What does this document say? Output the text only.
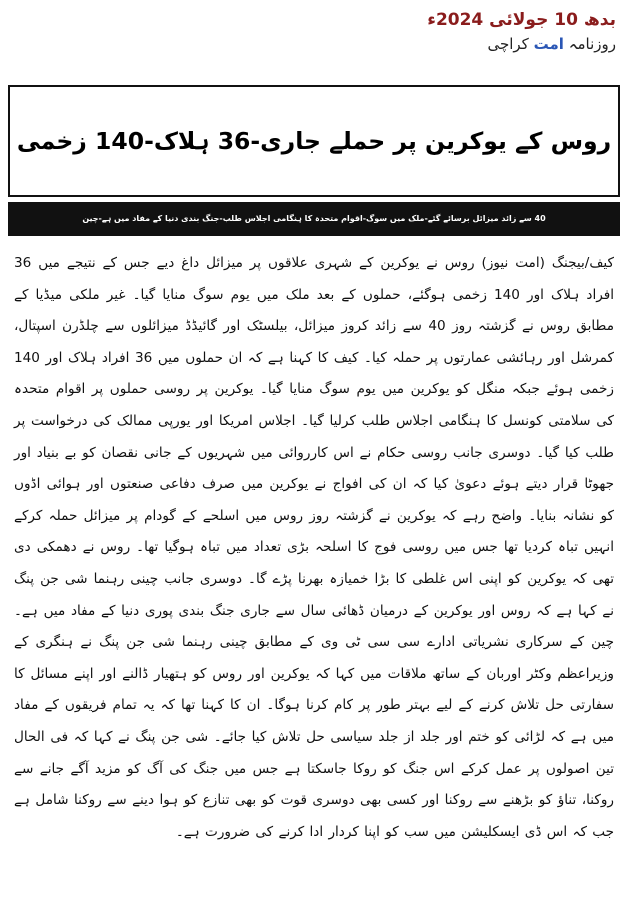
بدھ 10 جولائی 2024ء
روزنامہ امت کراچی
روس کے یوکرین پر حملے جاری-36 ہلاک-140 زخمی
40 سے زائد میزائل برسائے گئے-ملک میں سوگ-اقوام متحدہ کا ہنگامی اجلاس طلب-جنگ بندی دنیا کے مفاد میں ہے-چین
کیف/بیجنگ (امت نیوز) روس نے یوکرین کے شہری علاقوں پر میزائل داغ دیے جس کے نتیجے میں 36 افراد ہلاک اور 140 زخمی ہوگئے، حملوں کے بعد ملک میں یوم سوگ منایا گیا۔ غیر ملکی میڈیا کے مطابق روس نے گزشتہ روز 40 سے زائد کروز میزائل، بیلسٹک اور گائیڈڈ میزائلوں سے چلڈرن اسپتال، کمرشل اور رہائشی عمارتوں پر حملہ کیا۔ کیف کا کہنا ہے کہ ان حملوں میں 36 افراد ہلاک اور 140 زخمی ہوئے جبکہ منگل کو یوکرین میں یوم سوگ منایا گیا۔ یوکرین پر روسی حملوں پر اقوام متحدہ کی سلامتی کونسل کا ہنگامی اجلاس طلب کرلیا گیا۔ اجلاس امریکا اور یورپی ممالک کی درخواست پر طلب کیا گیا۔ دوسری جانب روسی حکام نے اس کارروائی میں شہریوں کے جانی نقصان کو بے بنیاد اور جھوٹا قرار دیتے ہوئے دعویٰ کیا کہ ان کی افواج نے یوکرین میں صرف دفاعی صنعتوں اور ہوائی اڈوں کو نشانہ بنایا۔ واضح رہے کہ یوکرین نے گزشتہ روز روس میں اسلحے کے گودام پر میزائل حملہ کرکے انہیں تباہ کردیا تھا جس میں روسی فوج کا اسلحہ بڑی تعداد میں تباہ ہوگیا تھا۔ روس نے دھمکی دی تھی کہ یوکرین کو اپنی اس غلطی کا بڑا خمیازہ بھرنا پڑے گا۔ دوسری جانب چینی رہنما شی جن پنگ نے کہا ہے کہ روس اور یوکرین کے درمیان ڈھائی سال سے جاری جنگ بندی پوری دنیا کے مفاد میں ہے۔ چین کے سرکاری نشریاتی ادارے سی سی ٹی وی کے مطابق چینی رہنما شی جن پنگ نے ہنگری کے وزیراعظم وکٹر اوربان کے ساتھ ملاقات میں کہا کہ یوکرین اور روس کو ہتھیار ڈالنے اور اپنے مسائل کا سفارتی حل تلاش کرنے کے لیے بہتر طور پر کام کرنا ہوگا۔ ان کا کہنا تھا کہ یہ تمام فریقوں کے مفاد میں ہے کہ لڑائی کو ختم اور جلد از جلد سیاسی حل تلاش کیا جائے۔ شی جن پنگ نے کہا کہ فی الحال تین اصولوں پر عمل کرکے اس جنگ کو روکا جاسکتا ہے جس میں جنگ کی آگ کو مزید آگے جانے سے روکنا، تناؤ کو بڑھنے سے روکنا اور کسی بھی دوسری قوت کو بھی تنازع کو ہوا دینے سے روکنا شامل ہے جب کہ اس ڈی ایسکلیشن میں سب کو اپنا کردار ادا کرنے کی ضرورت ہے۔
